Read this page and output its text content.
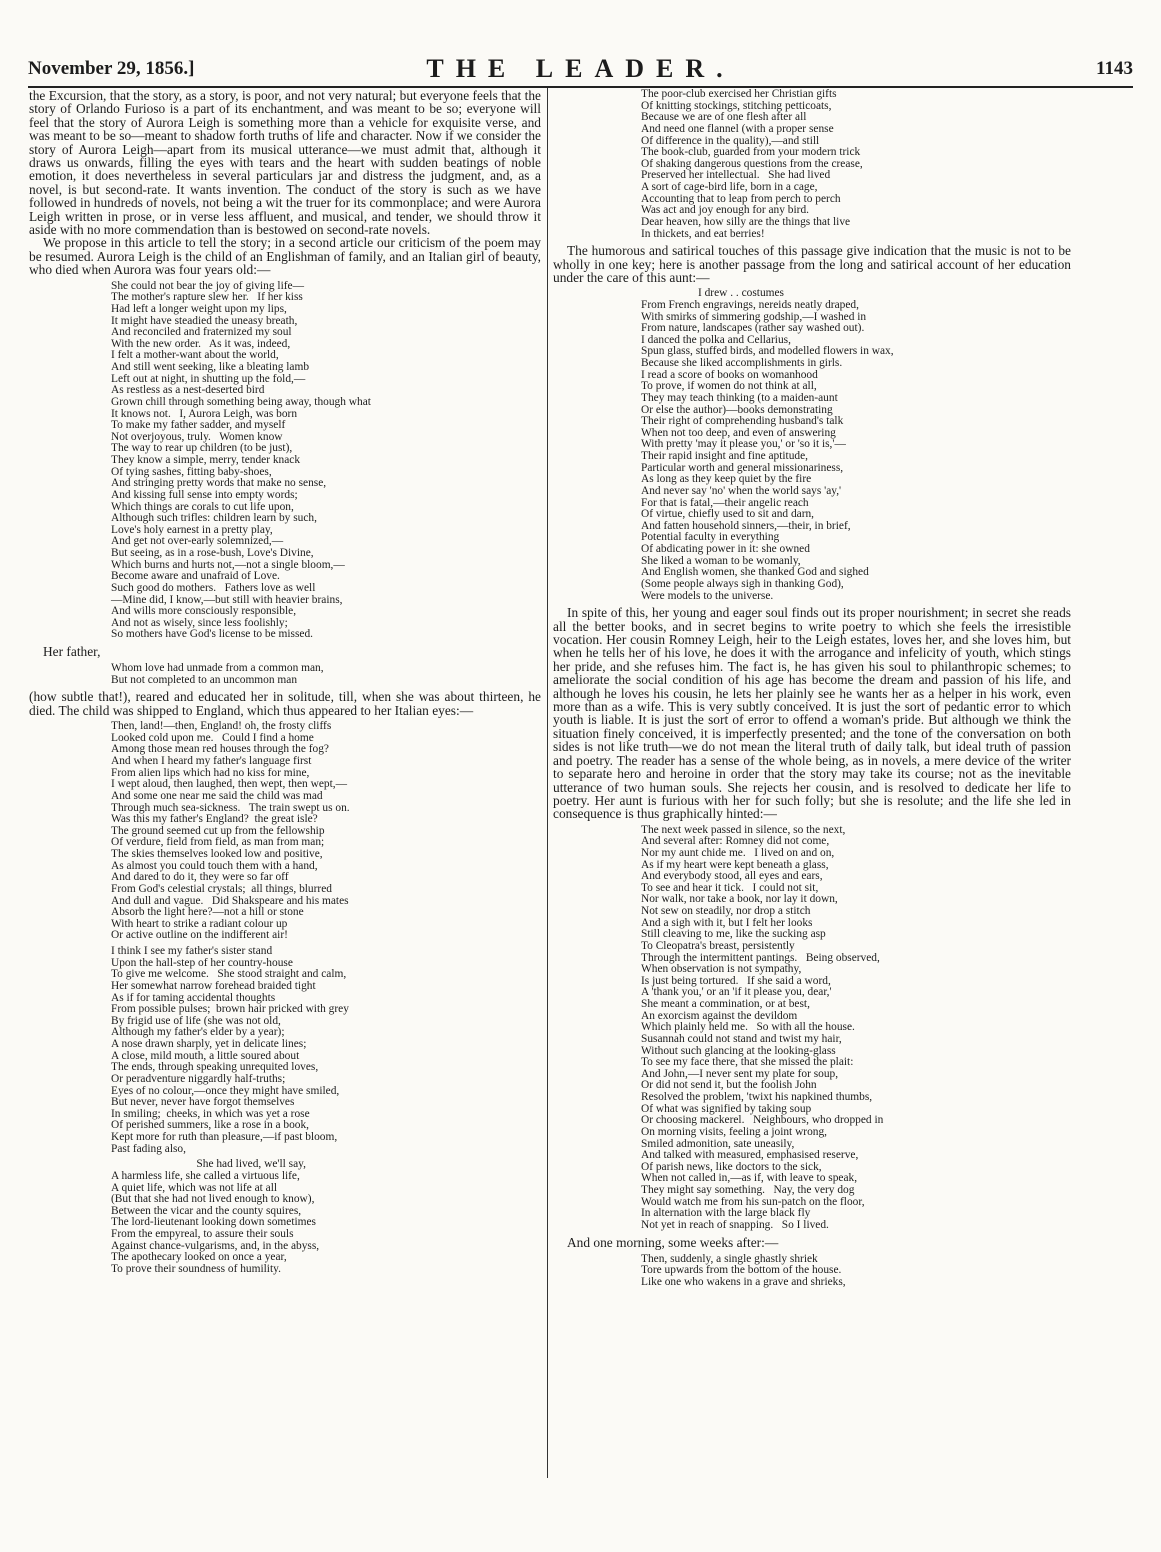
November 29, 1856.]	THE LEADER.	1143

the Excursion, that the story, as a story, is poor, and not very natural; but everyone feels that the story of Orlando Furioso is a part of its enchantment, and was meant to be so; everyone will feel that the story of Aurora Leigh is something more than a vehicle for exquisite verse, and was meant to be so—meant to shadow forth truths of life and character. Now if we consider the story of Aurora Leigh—apart from its musical utterance—we must admit that, although it draws us onwards, filling the eyes with tears and the heart with sudden beatings of noble emotion, it does nevertheless in several particulars jar and distress the judgment, and, as a novel, is but second-rate. It wants invention. The conduct of the story is such as we have followed in hundreds of novels, not being a wit the truer for its commonplace; and were Aurora Leigh written in prose, or in verse less affluent, and musical, and tender, we should throw it aside with no more commendation than is bestowed on second-rate novels.

We propose in this article to tell the story; in a second article our criticism of the poem may be resumed. Aurora Leigh is the child of an Englishman of family, and an Italian girl of beauty, who died when Aurora was four years old:—

She could not bear the joy of giving life—
The mother's rapture slew her.   If her kiss
Had left a longer weight upon my lips,
It might have steadied the uneasy breath,
And reconciled and fraternized my soul
With the new order.   As it was, indeed,
I felt a mother-want about the world,
And still went seeking, like a bleating lamb
Left out at night, in shutting up the fold,—
As restless as a nest-deserted bird
Grown chill through something being away, though what
It knows not.   I, Aurora Leigh, was born
To make my father sadder, and myself
Not overjoyous, truly.   Women know
The way to rear up children (to be just),
They know a simple, merry, tender knack
Of tying sashes, fitting baby-shoes,
And stringing pretty words that make no sense,
And kissing full sense into empty words;
Which things are corals to cut life upon,
Although such trifles: children learn by such,
Love's holy earnest in a pretty play,
And get not over-early solemnized,—
But seeing, as in a rose-bush, Love's Divine,
Which burns and hurts not,—not a single bloom,—
Become aware and unafraid of Love.
Such good do mothers.   Fathers love as well
—Mine did, I know,—but still with heavier brains,
And wills more consciously responsible,
And not as wisely, since less foolishly;
So mothers have God's license to be missed.
Her father,
Whom love had unmade from a common man,
But not completed to an uncommon man

(how subtle that!), reared and educated her in solitude, till, when she was about thirteen, he died. The child was shipped to England, which thus appeared to her Italian eyes:—

Then, land!—then, England! oh, the frosty cliffs
Looked cold upon me.   Could I find a home
Among those mean red houses through the fog?
And when I heard my father's language first
From alien lips which had no kiss for mine,
I wept aloud, then laughed, then wept, then wept,—
And some one near me said the child was mad
Through much sea-sickness.   The train swept us on.
Was this my father's England?  the great isle?
The ground seemed cut up from the fellowship
Of verdure, field from field, as man from man;
The skies themselves looked low and positive,
As almost you could touch them with a hand,
And dared to do it, they were so far off
From God's celestial crystals;  all things, blurred
And dull and vague.   Did Shakspeare and his mates
Absorb the light here?—not a hill or stone
With heart to strike a radiant colour up
Or active outline on the indifferent air!
I think I see my father's sister stand
Upon the hall-step of her country-house
To give me welcome.   She stood straight and calm,
Her somewhat narrow forehead braided tight
As if for taming accidental thoughts
From possible pulses;  brown hair pricked with grey
By frigid use of life (she was not old,
Although my father's elder by a year);
A nose drawn sharply, yet in delicate lines;
A close, mild mouth, a little soured about
The ends, through speaking unrequited loves,
Or peradventure niggardly half-truths;
Eyes of no colour,—once they might have smiled,
But never, never have forgot themselves
In smiling;  cheeks, in which was yet a rose
Of perished summers, like a rose in a book,
Kept more for ruth than pleasure,—if past bloom,
Past fading also,
She had lived, we'll say,
A harmless life, she called a virtuous life,
A quiet life, which was not life at all
(But that she had not lived enough to know),
Between the vicar and the county squires,
The lord-lieutenant looking down sometimes
From the empyreal, to assure their souls
Against chance-vulgarisms, and, in the abyss,
The apothecary looked on once a year,
To prove their soundness of humility.
The poor-club exercised her Christian gifts
Of knitting stockings, stitching petticoats,
Because we are of one flesh after all
And need one flannel (with a proper sense
Of difference in the quality),—and still
The book-club, guarded from your modern trick
Of shaking dangerous questions from the crease,
Preserved her intellectual.   She had lived
A sort of cage-bird life, born in a cage,
Accounting that to leap from perch to perch
Was act and joy enough for any bird.
Dear heaven, how silly are the things that live
In thickets, and eat berries!

The humorous and satirical touches of this passage give indication that the music is not to be wholly in one key; here is another passage from the long and satirical account of her education under the care of this aunt:—

I drew . . costumes
From French engravings, nereids neatly draped,
With smirks of simmering godship,—I washed in
From nature, landscapes (rather say washed out).
I danced the polka and Cellarius,
Spun glass, stuffed birds, and modelled flowers in wax,
Because she liked accomplishments in girls.
I read a score of books on womanhood
To prove, if women do not think at all,
They may teach thinking (to a maiden-aunt
Or else the author)—books demonstrating
Their right of comprehending husband's talk
When not too deep, and even of answering
With pretty 'may it please you,' or 'so it is,'—
Their rapid insight and fine aptitude,
Particular worth and general missionariness,
As long as they keep quiet by the fire
And never say 'no' when the world says 'ay,'
For that is fatal,—their angelic reach
Of virtue, chiefly used to sit and darn,
And fatten household sinners,—their, in brief,
Potential faculty in everything
Of abdicating power in it: she owned
She liked a woman to be womanly,
And English women, she thanked God and sighed
(Some people always sigh in thanking God),
Were models to the universe.

In spite of this, her young and eager soul finds out its proper nourishment; in secret she reads all the better books, and in secret begins to write poetry to which she feels the irresistible vocation. Her cousin Romney Leigh, heir to the Leigh estates, loves her, and she loves him, but when he tells her of his love, he does it with the arrogance and infelicity of youth, which stings her pride, and she refuses him. The fact is, he has given his soul to philanthropic schemes; to ameliorate the social condition of his age has become the dream and passion of his life, and although he loves his cousin, he lets her plainly see he wants her as a helper in his work, even more than as a wife. This is very subtly conceived. It is just the sort of pedantic error to which youth is liable. It is just the sort of error to offend a woman's pride. But although we think the situation finely conceived, it is imperfectly presented; and the tone of the conversation on both sides is not like truth—we do not mean the literal truth of daily talk, but ideal truth of passion and poetry. The reader has a sense of the whole being, as in novels, a mere device of the writer to separate hero and heroine in order that the story may take its course; not as the inevitable utterance of two human souls. She rejects her cousin, and is resolved to dedicate her life to poetry. Her aunt is furious with her for such folly; but she is resolute; and the life she led in consequence is thus graphically hinted:—

The next week passed in silence, so the next,
And several after: Romney did not come,
Nor my aunt chide me.   I lived on and on,
As if my heart were kept beneath a glass,
And everybody stood, all eyes and ears,
To see and hear it tick.   I could not sit,
Nor walk, nor take a book, nor lay it down,
Not sew on steadily, nor drop a stitch
And a sigh with it, but I felt her looks
Still cleaving to me, like the sucking asp
To Cleopatra's breast, persistently
Through the intermittent pantings.   Being observed,
When observation is not sympathy,
Is just being tortured.   If she said a word,
A 'thank you,' or an 'if it please you, dear,'
She meant a commination, or at best,
An exorcism against the devildom
Which plainly held me.   So with all the house.
Susannah could not stand and twist my hair,
Without such glancing at the looking-glass
To see my face there, that she missed the plait:
And John,—I never sent my plate for soup,
Or did not send it, but the foolish John
Resolved the problem, 'twixt his napkined thumbs,
Of what was signified by taking soup
Or choosing mackerel.   Neighbours, who dropped in
On morning visits, feeling a joint wrong,
Smiled admonition, sate uneasily,
And talked with measured, emphasised reserve,
Of parish news, like doctors to the sick,
When not called in,—as if, with leave to speak,
They might say something.   Nay, the very dog
Would watch me from his sun-patch on the floor,
In alternation with the large black fly
Not yet in reach of snapping.   So I lived.
And one morning, some weeks after:—
Then, suddenly, a single ghastly shriek
Tore upwards from the bottom of the house.
Like one who wakens in a grave and shrieks,
